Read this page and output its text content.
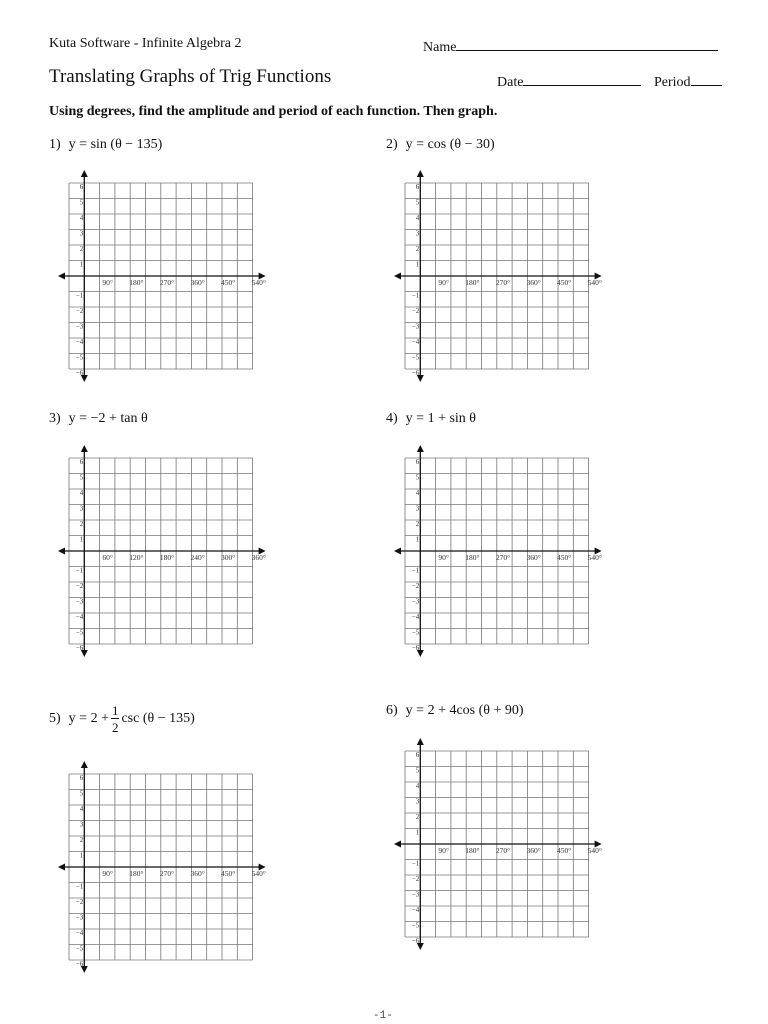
Kuta Software - Infinite Algebra 2	Name
Translating Graphs of Trig Functions	Date	Period
Using degrees, find the amplitude and period of each function. Then graph.
1) y = sin (θ − 135)	2) y = cos (θ − 30)
3) y = −2 + tan θ	4) y = 1 + sin θ
5) $y = 2 + \frac{1}{2}$ csc (θ − 135)
6) y = 2 + 4cos (θ + 90)
90° 180° 270° 360° 450° 540°
1
2
3
4
5
6
−1
−2
−3
−4
−5
−6
90° 180° 270° 360° 450° 540°
1
2
3
4
5
6
−1
−2
−3
−4
−5
−6
60° 120° 180° 240° 300° 360°
1
2
3
4
5
6
−1
−2
−3
−4
−5
−6
90° 180° 270° 360° 450° 540°
1
2
3
4
5
6
−1
−2
−3
−4
−5
−6
90° 180° 270° 360° 450° 540°
1
2
3
4
5
6
−1
−2
−3
−4
−5
−6
90° 180° 270° 360° 450° 540°
1
2
3
4
5
6
−1
−2
−3
−4
−5
−6
-1-
